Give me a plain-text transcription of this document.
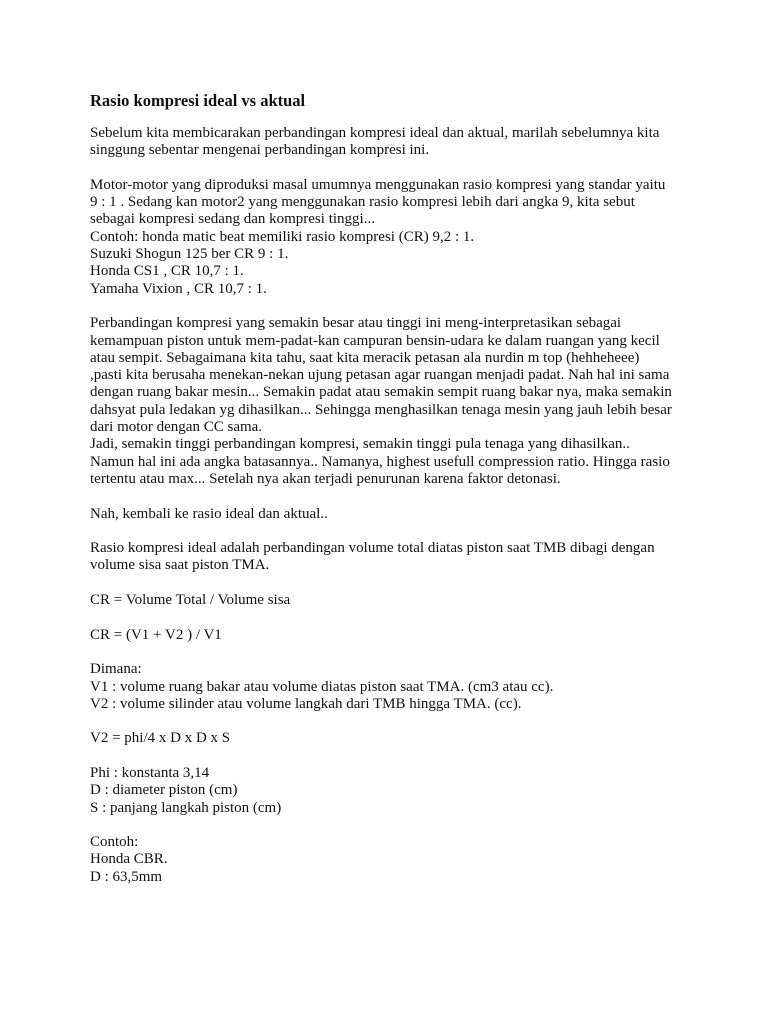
Rasio kompresi ideal vs aktual
Sebelum kita membicarakan perbandingan kompresi ideal dan aktual, marilah sebelumnya kita
singgung sebentar mengenai perbandingan kompresi ini.
Motor-motor yang diproduksi masal umumnya menggunakan rasio kompresi yang standar yaitu
9 : 1 . Sedang kan motor2 yang menggunakan rasio kompresi lebih dari angka 9, kita sebut
sebagai kompresi sedang dan kompresi tinggi...
Contoh: honda matic beat memiliki rasio kompresi (CR) 9,2 : 1.
Suzuki Shogun 125 ber CR 9 : 1.
Honda CS1 , CR 10,7 : 1.
Yamaha Vixion , CR 10,7 : 1.
Perbandingan kompresi yang semakin besar atau tinggi ini meng-interpretasikan sebagai
kemampuan piston untuk mem-padat-kan campuran bensin-udara ke dalam ruangan yang kecil
atau sempit. Sebagaimana kita tahu, saat kita meracik petasan ala nurdin m top (hehheheee)
,pasti kita berusaha menekan-nekan ujung petasan agar ruangan menjadi padat. Nah hal ini sama
dengan ruang bakar mesin... Semakin padat atau semakin sempit ruang bakar nya, maka semakin
dahsyat pula ledakan yg dihasilkan... Sehingga menghasilkan tenaga mesin yang jauh lebih besar
dari motor dengan CC sama.
Jadi, semakin tinggi perbandingan kompresi, semakin tinggi pula tenaga yang dihasilkan..
Namun hal ini ada angka batasannya.. Namanya, highest usefull compression ratio. Hingga rasio
tertentu atau max... Setelah nya akan terjadi penurunan karena faktor detonasi.
Nah, kembali ke rasio ideal dan aktual..
Rasio kompresi ideal adalah perbandingan volume total diatas piston saat TMB dibagi dengan
volume sisa saat piston TMA.
CR = Volume Total / Volume sisa
CR = (V1 + V2 ) / V1
Dimana:
V1 : volume ruang bakar atau volume diatas piston saat TMA. (cm3 atau cc).
V2 : volume silinder atau volume langkah dari TMB hingga TMA. (cc).
V2 = phi/4 x D x D x S
Phi : konstanta 3,14
D : diameter piston (cm)
S : panjang langkah piston (cm)
Contoh:
Honda CBR.
D : 63,5mm
